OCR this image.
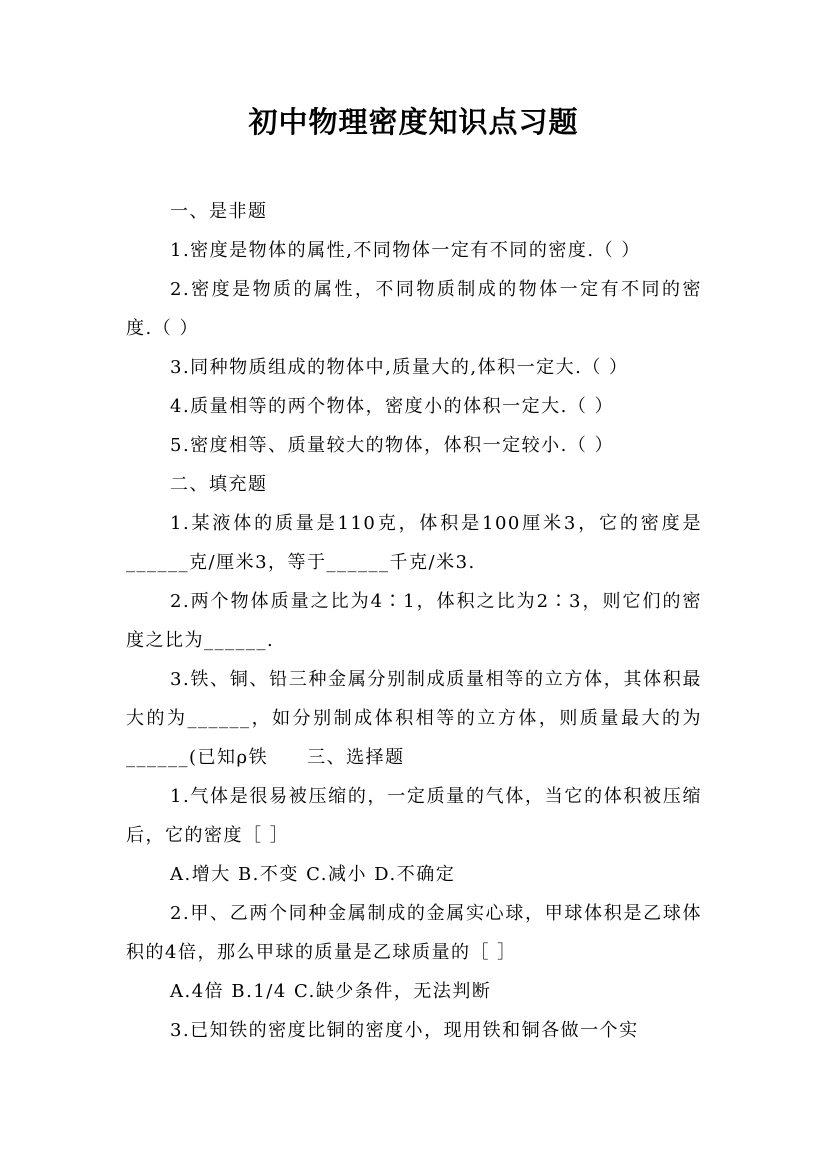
初中物理密度知识点习题

一、是非题

1.密度是物体的属性,不同物体一定有不同的密度.（ ）

2.密度是物质的属性，不同物质制成的物体一定有不同的密度.（ ）

3.同种物质组成的物体中,质量大的,体积一定大.（ ）

4.质量相等的两个物体，密度小的体积一定大.（ ）

5.密度相等、质量较大的物体，体积一定较小.（ ）

二、填充题

1.某液体的质量是110克，体积是100厘米3，它的密度是______克/厘米3，等于______千克/米3.

2.两个物体质量之比为4∶1，体积之比为2∶3，则它们的密度之比为______.

3.铁、铜、铅三种金属分别制成质量相等的立方体，其体积最大的为______，如分别制成体积相等的立方体，则质量最大的为______(已知ρ铁　　三、选择题

1.气体是很易被压缩的，一定质量的气体，当它的体积被压缩后，它的密度［ ］

A.增大 B.不变 C.减小 D.不确定

2.甲、乙两个同种金属制成的金属实心球，甲球体积是乙球体积的4倍，那么甲球的质量是乙球质量的［ ］

A.4倍 B.1/4 C.缺少条件，无法判断

3.已知铁的密度比铜的密度小，现用铁和铜各做一个实
